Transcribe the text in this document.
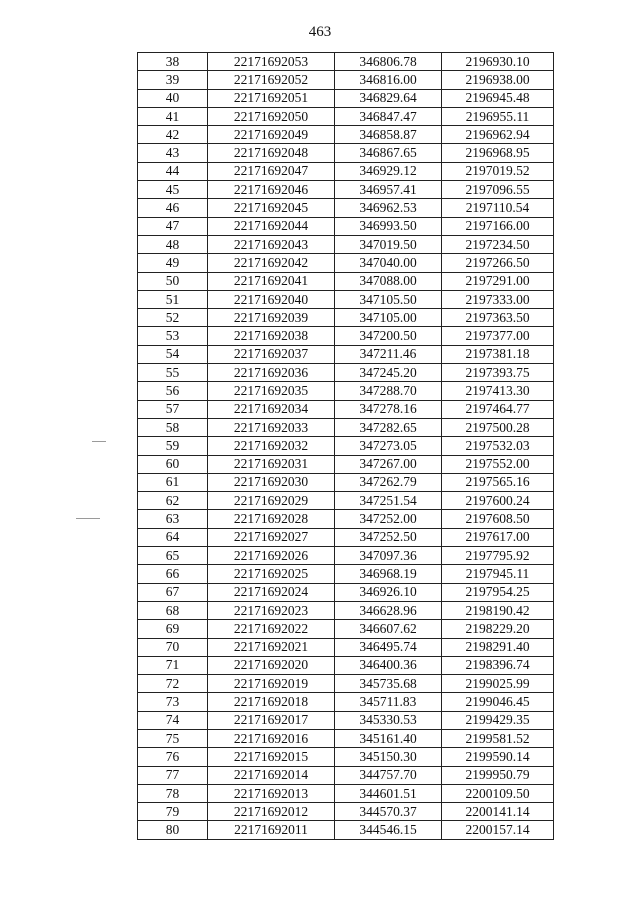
463
38	22171692053	346806.78	2196930.10
39	22171692052	346816.00	2196938.00
40	22171692051	346829.64	2196945.48
41	22171692050	346847.47	2196955.11
42	22171692049	346858.87	2196962.94
43	22171692048	346867.65	2196968.95
44	22171692047	346929.12	2197019.52
45	22171692046	346957.41	2197096.55
46	22171692045	346962.53	2197110.54
47	22171692044	346993.50	2197166.00
48	22171692043	347019.50	2197234.50
49	22171692042	347040.00	2197266.50
50	22171692041	347088.00	2197291.00
51	22171692040	347105.50	2197333.00
52	22171692039	347105.00	2197363.50
53	22171692038	347200.50	2197377.00
54	22171692037	347211.46	2197381.18
55	22171692036	347245.20	2197393.75
56	22171692035	347288.70	2197413.30
57	22171692034	347278.16	2197464.77
58	22171692033	347282.65	2197500.28
59	22171692032	347273.05	2197532.03
60	22171692031	347267.00	2197552.00
61	22171692030	347262.79	2197565.16
62	22171692029	347251.54	2197600.24
63	22171692028	347252.00	2197608.50
64	22171692027	347252.50	2197617.00
65	22171692026	347097.36	2197795.92
66	22171692025	346968.19	2197945.11
67	22171692024	346926.10	2197954.25
68	22171692023	346628.96	2198190.42
69	22171692022	346607.62	2198229.20
70	22171692021	346495.74	2198291.40
71	22171692020	346400.36	2198396.74
72	22171692019	345735.68	2199025.99
73	22171692018	345711.83	2199046.45
74	22171692017	345330.53	2199429.35
75	22171692016	345161.40	2199581.52
76	22171692015	345150.30	2199590.14
77	22171692014	344757.70	2199950.79
78	22171692013	344601.51	2200109.50
79	22171692012	344570.37	2200141.14
80	22171692011	344546.15	2200157.14
